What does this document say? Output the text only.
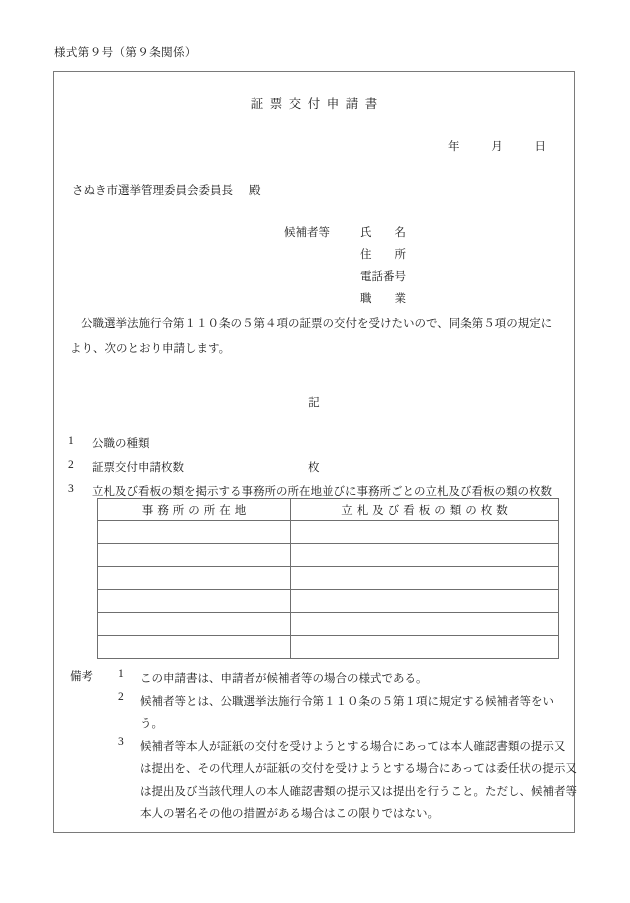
様式第９号（第９条関係）
証票交付申請書
年	月	日
さぬき市選挙管理委員会委員長 殿
候補者等	氏　　名
住　　所
電話番号
職　　業
公職選挙法施行令第１１０条の５第４項の証票の交付を受けたいので、同条第５項の規定に
より、次のとおり申請します。
記
1 公職の種類
2 証票交付申請枚数	枚
3 立札及び看板の類を掲示する事務所の所在地並びに事務所ごとの立札及び看板の類の枚数
事務所の所在地	立札及び看板の類の枚数

備考 1 この申請書は、申請者が候補者等の場合の様式である。
2 候補者等とは、公職選挙法施行令第１１０条の５第１項に規定する候補者等をい
う。
3 候補者等本人が証紙の交付を受けようとする場合にあっては本人確認書類の提示又
は提出を、その代理人が証紙の交付を受けようとする場合にあっては委任状の提示又
は提出及び当該代理人の本人確認書類の提示又は提出を行うこと。ただし、候補者等
本人の署名その他の措置がある場合はこの限りではない。
